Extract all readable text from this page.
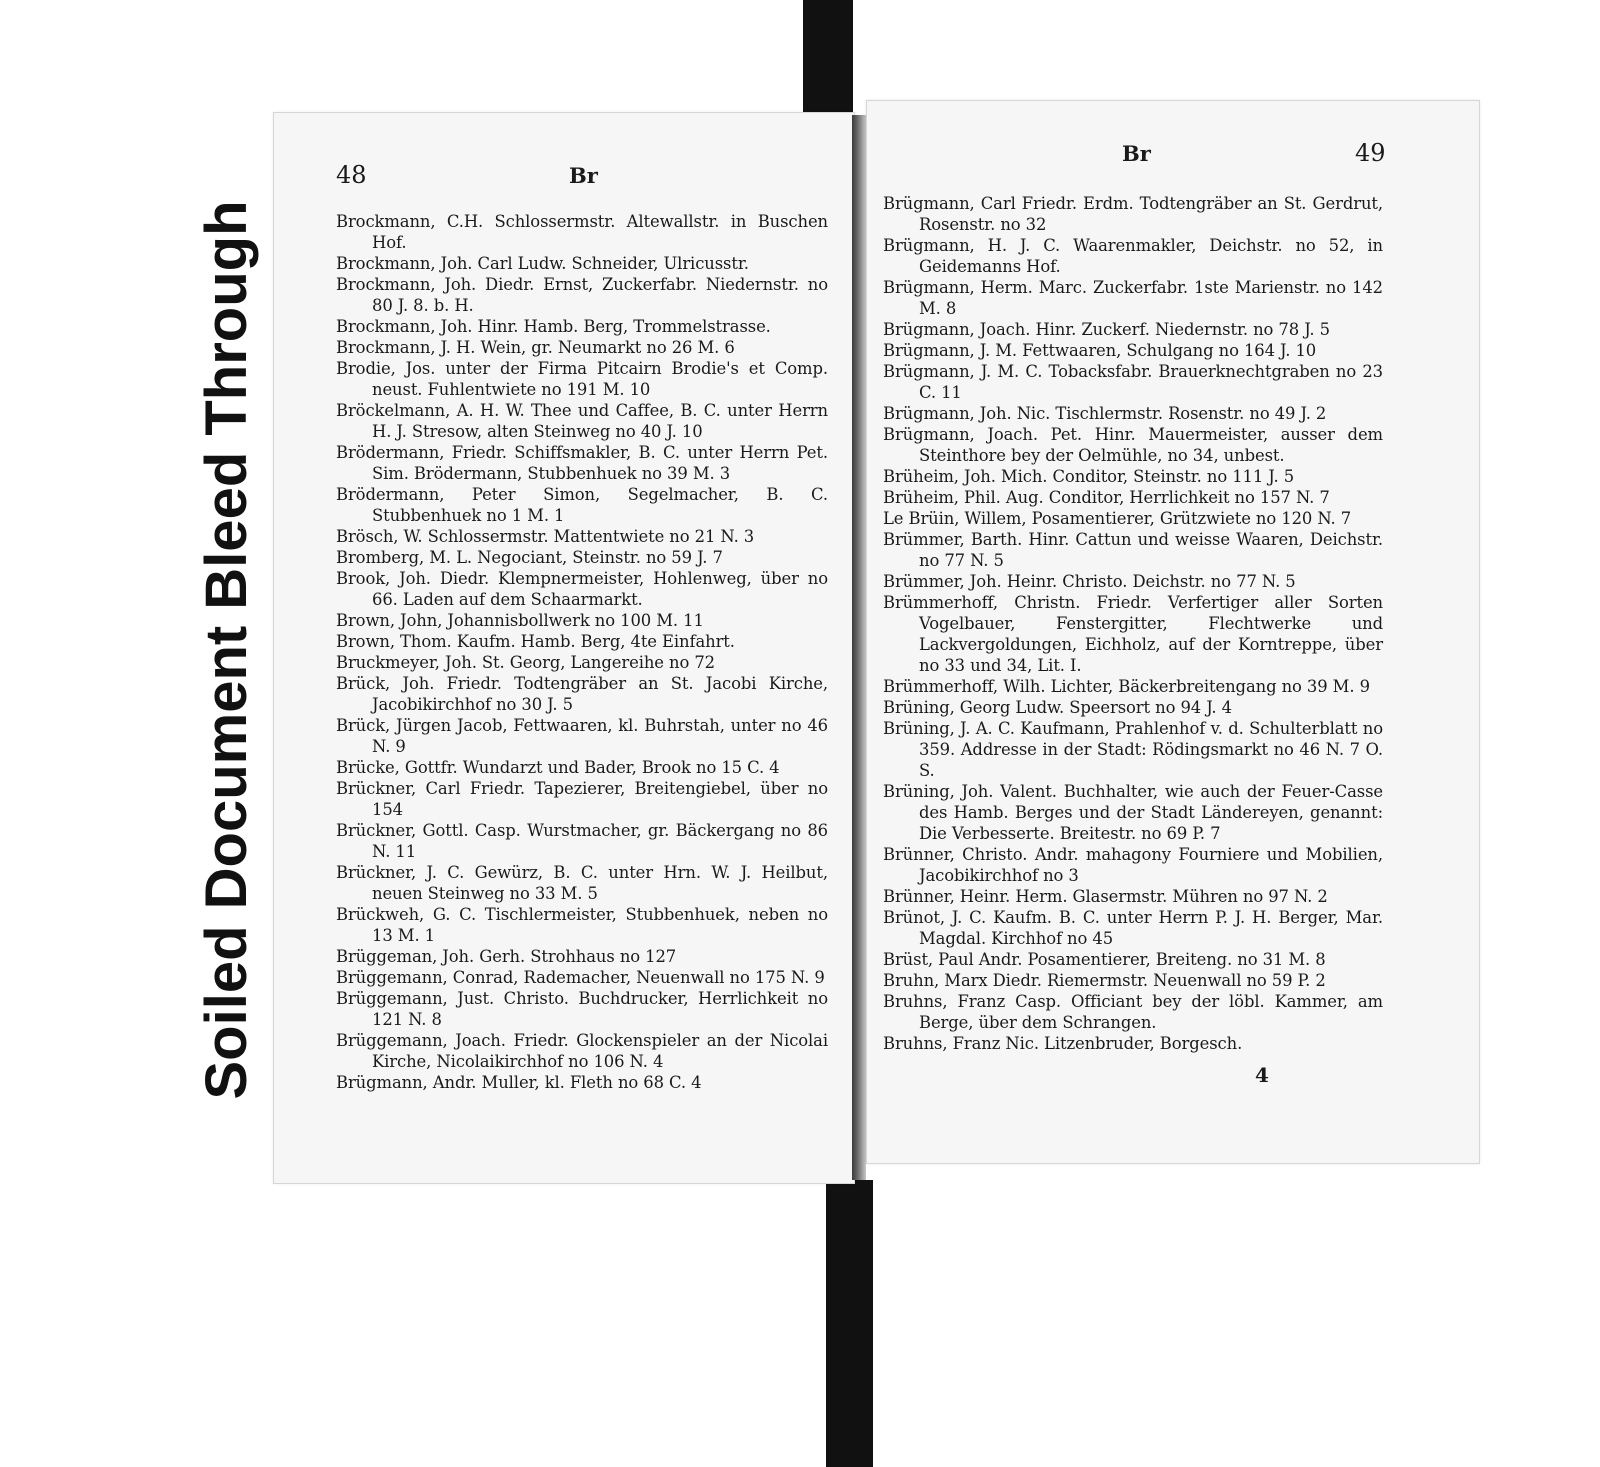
Soiled Document Bleed Through
48	Br
Brockmann, C.H. Schlossermstr. Altewallstr. in Buschen Hof.
Brockmann, Joh. Carl Ludw. Schneider, Ulricusstr.
Brockmann, Joh. Diedr. Ernst, Zuckerfabr. Niedernstr. no 80 J. 8. b. H.
Brockmann, Joh. Hinr. Hamb. Berg, Trommelstrasse.
Brockmann, J. H. Wein, gr. Neumarkt no 26 M. 6
Brodie, Jos. unter der Firma Pitcairn Brodie's et Comp. neust. Fuhlentwiete no 191 M. 10
Bröckelmann, A. H. W. Thee und Caffee, B. C. unter Herrn H. J. Stresow, alten Steinweg no 40 J. 10
Brödermann, Friedr. Schiffsmakler, B. C. unter Herrn Pet. Sim. Brödermann, Stubbenhuek no 39 M. 3
Brödermann, Peter Simon, Segelmacher, B. C. Stubbenhuek no 1 M. 1
Brösch, W. Schlossermstr. Mattentwiete no 21 N. 3
Bromberg, M. L. Negociant, Steinstr. no 59 J. 7
Brook, Joh. Diedr. Klempnermeister, Hohlenweg, über no 66. Laden auf dem Schaarmarkt.
Brown, John, Johannisbollwerk no 100 M. 11
Brown, Thom. Kaufm. Hamb. Berg, 4te Einfahrt.
Bruckmeyer, Joh. St. Georg, Langereihe no 72
Brück, Joh. Friedr. Todtengräber an St. Jacobi Kirche, Jacobikirchhof no 30 J. 5
Brück, Jürgen Jacob, Fettwaaren, kl. Buhrstah, unter no 46 N. 9
Brücke, Gottfr. Wundarzt und Bader, Brook no 15 C. 4
Brückner, Carl Friedr. Tapezierer, Breitengiebel, über no 154
Brückner, Gottl. Casp. Wurstmacher, gr. Bäckergang no 86 N. 11
Brückner, J. C. Gewürz, B. C. unter Hrn. W. J. Heilbut, neuen Steinweg no 33 M. 5
Brückweh, G. C. Tischlermeister, Stubbenhuek, neben no 13 M. 1
Brüggeman, Joh. Gerh. Strohhaus no 127
Brüggemann, Conrad, Rademacher, Neuenwall no 175 N. 9
Brüggemann, Just. Christo. Buchdrucker, Herrlichkeit no 121 N. 8
Brüggemann, Joach. Friedr. Glockenspieler an der Nicolai Kirche, Nicolaikirchhof no 106 N. 4
Brügmann, Andr. Muller, kl. Fleth no 68 C. 4
Br	49
Brügmann, Carl Friedr. Erdm. Todtengräber an St. Gerdrut, Rosenstr. no 32
Brügmann, H. J. C. Waarenmakler, Deichstr. no 52, in Geidemanns Hof.
Brügmann, Herm. Marc. Zuckerfabr. 1ste Marienstr. no 142 M. 8
Brügmann, Joach. Hinr. Zuckerf. Niedernstr. no 78 J. 5
Brügmann, J. M. Fettwaaren, Schulgang no 164 J. 10
Brügmann, J. M. C. Tobacksfabr. Brauerknechtgraben no 23 C. 11
Brügmann, Joh. Nic. Tischlermstr. Rosenstr. no 49 J. 2
Brügmann, Joach. Pet. Hinr. Mauermeister, ausser dem Steinthore bey der Oelmühle, no 34, unbest.
Brüheim, Joh. Mich. Conditor, Steinstr. no 111 J. 5
Brüheim, Phil. Aug. Conditor, Herrlichkeit no 157 N. 7
Le Brüin, Willem, Posamentierer, Grützwiete no 120 N. 7
Brümmer, Barth. Hinr. Cattun und weisse Waaren, Deichstr. no 77 N. 5
Brümmer, Joh. Heinr. Christo. Deichstr. no 77 N. 5
Brümmerhoff, Christn. Friedr. Verfertiger aller Sorten Vogelbauer, Fenstergitter, Flechtwerke und Lackvergoldungen, Eichholz, auf der Korntreppe, über no 33 und 34, Lit. I.
Brümmerhoff, Wilh. Lichter, Bäckerbreitengang no 39 M. 9
Brüning, Georg Ludw. Speersort no 94 J. 4
Brüning, J. A. C. Kaufmann, Prahlenhof v. d. Schulterblatt no 359. Addresse in der Stadt: Rödingsmarkt no 46 N. 7 O. S.
Brüning, Joh. Valent. Buchhalter, wie auch der Feuer-Casse des Hamb. Berges und der Stadt Ländereyen, genannt: Die Verbesserte. Breitestr. no 69 P. 7
Brünner, Christo. Andr. mahagony Fourniere und Mobilien, Jacobikirchhof no 3
Brünner, Heinr. Herm. Glasermstr. Mühren no 97 N. 2
Brünot, J. C. Kaufm. B. C. unter Herrn P. J. H. Berger, Mar. Magdal. Kirchhof no 45
Brüst, Paul Andr. Posamentierer, Breiteng. no 31 M. 8
Bruhn, Marx Diedr. Riemermstr. Neuenwall no 59 P. 2
Bruhns, Franz Casp. Officiant bey der löbl. Kammer, am Berge, über dem Schrangen.
Bruhns, Franz Nic. Litzenbruder, Borgesch.
4
